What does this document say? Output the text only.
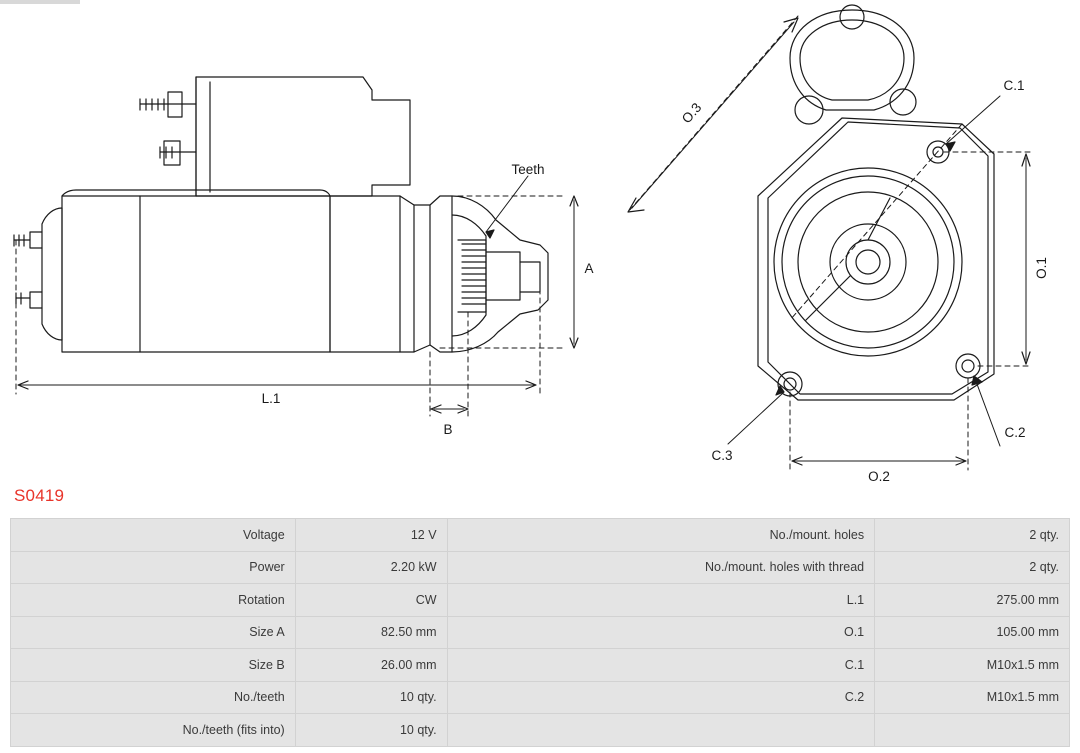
Teeth
A
B
L.1
O.2
O.3
O.1
C.1
C.2
C.3
S0419
Voltage	12 V	No./mount. holes	2 qty.
Power	2.20 kW	No./mount. holes with thread	2 qty.
Rotation	CW	L.1	275.00 mm
Size A	82.50 mm	O.1	105.00 mm
Size B	26.00 mm	C.1	M10x1.5 mm
No./teeth	10 qty.	C.2	M10x1.5 mm
No./teeth (fits into)	10 qty.		
